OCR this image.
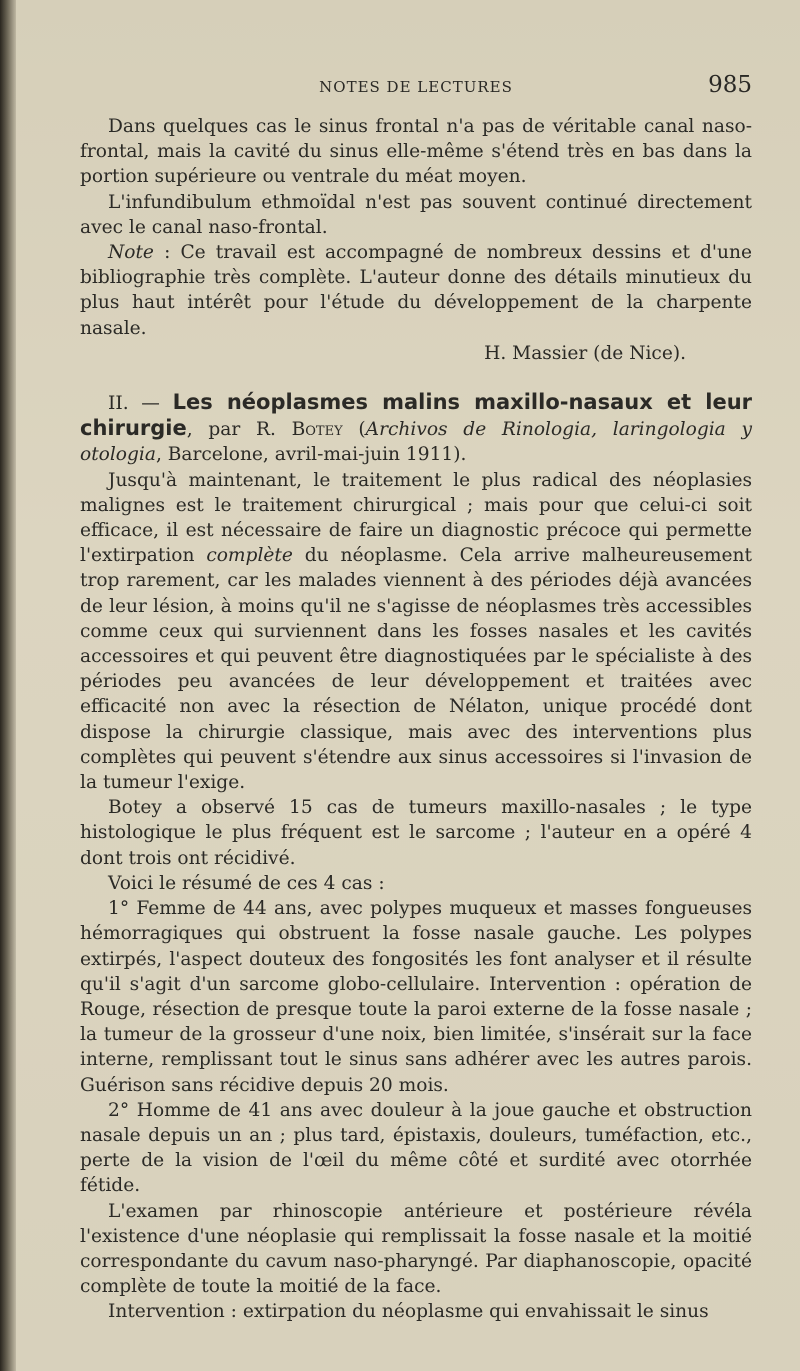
NOTES DE LECTURES	985

Dans quelques cas le sinus frontal n'a pas de véritable canal naso-frontal, mais la cavité du sinus elle-même s'étend très en bas dans la portion supérieure ou ventrale du méat moyen.

L'infundibulum ethmoïdal n'est pas souvent continué directement avec le canal naso-frontal.

Note : Ce travail est accompagné de nombreux dessins et d'une bibliographie très complète. L'auteur donne des détails minutieux du plus haut intérêt pour l'étude du développement de la charpente nasale.

H. Massier (de Nice).

II. — Les néoplasmes malins maxillo-nasaux et leur chirurgie, par R. Botey (Archivos de Rinologia, laringologia y otologia, Barcelone, avril-mai-juin 1911).

Jusqu'à maintenant, le traitement le plus radical des néoplasies malignes est le traitement chirurgical ; mais pour que celui-ci soit efficace, il est nécessaire de faire un diagnostic précoce qui permette l'extirpation complète du néoplasme. Cela arrive malheureusement trop rarement, car les malades viennent à des périodes déjà avancées de leur lésion, à moins qu'il ne s'agisse de néoplasmes très accessibles comme ceux qui surviennent dans les fosses nasales et les cavités accessoires et qui peuvent être diagnostiquées par le spécialiste à des périodes peu avancées de leur développement et traitées avec efficacité non avec la résection de Nélaton, unique procédé dont dispose la chirurgie classique, mais avec des interventions plus complètes qui peuvent s'étendre aux sinus accessoires si l'invasion de la tumeur l'exige.

Botey a observé 15 cas de tumeurs maxillo-nasales ; le type histologique le plus fréquent est le sarcome ; l'auteur en a opéré 4 dont trois ont récidivé.

Voici le résumé de ces 4 cas :

1° Femme de 44 ans, avec polypes muqueux et masses fongueuses hémorragiques qui obstruent la fosse nasale gauche. Les polypes extirpés, l'aspect douteux des fongosités les font analyser et il résulte qu'il s'agit d'un sarcome globo-cellulaire. Intervention : opération de Rouge, résection de presque toute la paroi externe de la fosse nasale ; la tumeur de la grosseur d'une noix, bien limitée, s'insérait sur la face interne, remplissant tout le sinus sans adhérer avec les autres parois. Guérison sans récidive depuis 20 mois.

2° Homme de 41 ans avec douleur à la joue gauche et obstruction nasale depuis un an ; plus tard, épistaxis, douleurs, tuméfaction, etc., perte de la vision de l'œil du même côté et surdité avec otorrhée fétide.

L'examen par rhinoscopie antérieure et postérieure révéla l'existence d'une néoplasie qui remplissait la fosse nasale et la moitié correspondante du cavum naso-pharyngé. Par diaphanoscopie, opacité complète de toute la moitié de la face.

Intervention : extirpation du néoplasme qui envahissait le sinus
